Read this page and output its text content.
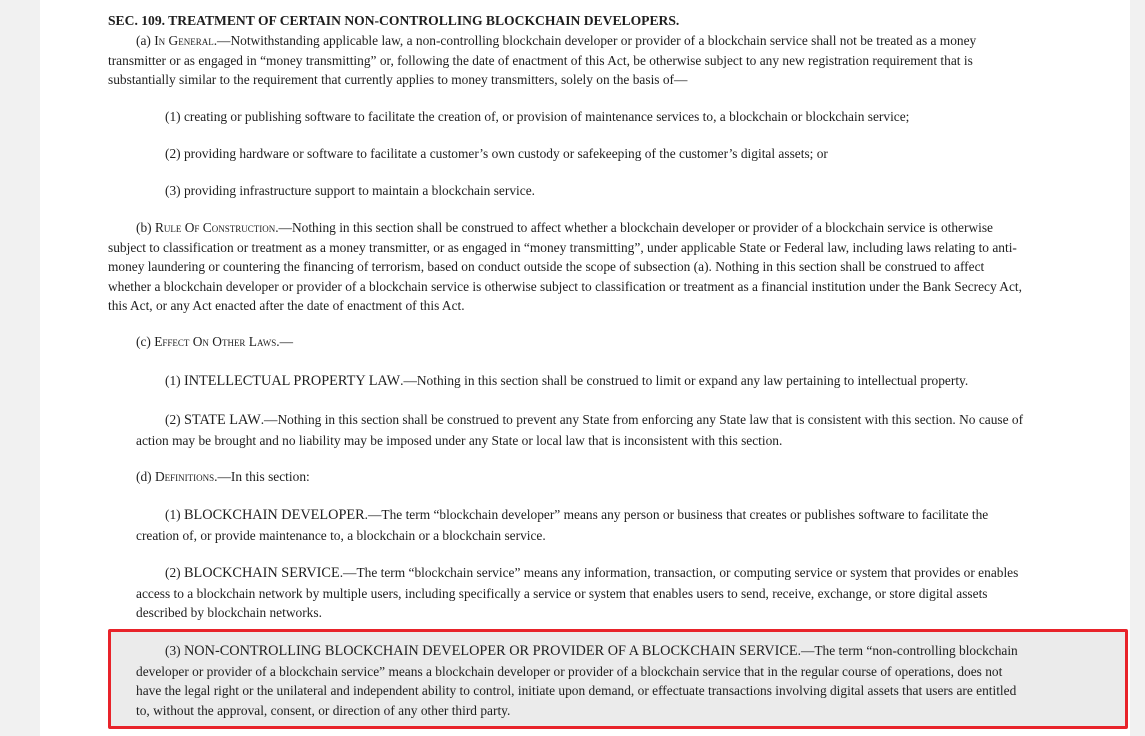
SEC. 109. TREATMENT OF CERTAIN NON-CONTROLLING BLOCKCHAIN DEVELOPERS.

(a) In General.—Notwithstanding applicable law, a non-controlling blockchain developer or provider of a blockchain service shall not be treated as a money transmitter or as engaged in “money transmitting” or, following the date of enactment of this Act, be otherwise subject to any new registration requirement that is substantially similar to the requirement that currently applies to money transmitters, solely on the basis of—

(1) creating or publishing software to facilitate the creation of, or provision of maintenance services to, a blockchain or blockchain service;

(2) providing hardware or software to facilitate a customer’s own custody or safekeeping of the customer’s digital assets; or

(3) providing infrastructure support to maintain a blockchain service.

(b) Rule Of Construction.—Nothing in this section shall be construed to affect whether a blockchain developer or provider of a blockchain service is otherwise subject to classification or treatment as a money transmitter, or as engaged in “money transmitting”, under applicable State or Federal law, including laws relating to anti-money laundering or countering the financing of terrorism, based on conduct outside the scope of subsection (a). Nothing in this section shall be construed to affect whether a blockchain developer or provider of a blockchain service is otherwise subject to classification or treatment as a financial institution under the Bank Secrecy Act, this Act, or any Act enacted after the date of enactment of this Act.

(c) Effect On Other Laws.—

(1) INTELLECTUAL PROPERTY LAW.—Nothing in this section shall be construed to limit or expand any law pertaining to intellectual property.

(2) STATE LAW.—Nothing in this section shall be construed to prevent any State from enforcing any State law that is consistent with this section. No cause of action may be brought and no liability may be imposed under any State or local law that is inconsistent with this section.

(d) Definitions.—In this section:

(1) BLOCKCHAIN DEVELOPER.—The term “blockchain developer” means any person or business that creates or publishes software to facilitate the creation of, or provide maintenance to, a blockchain or a blockchain service.

(2) BLOCKCHAIN SERVICE.—The term “blockchain service” means any information, transaction, or computing service or system that provides or enables access to a blockchain network by multiple users, including specifically a service or system that enables users to send, receive, exchange, or store digital assets described by blockchain networks.

(3) NON-CONTROLLING BLOCKCHAIN DEVELOPER OR PROVIDER OF A BLOCKCHAIN SERVICE.—The term “non-controlling blockchain developer or provider of a blockchain service” means a blockchain developer or provider of a blockchain service that in the regular course of operations, does not have the legal right or the unilateral and independent ability to control, initiate upon demand, or effectuate transactions involving digital assets that users are entitled to, without the approval, consent, or direction of any other third party.
